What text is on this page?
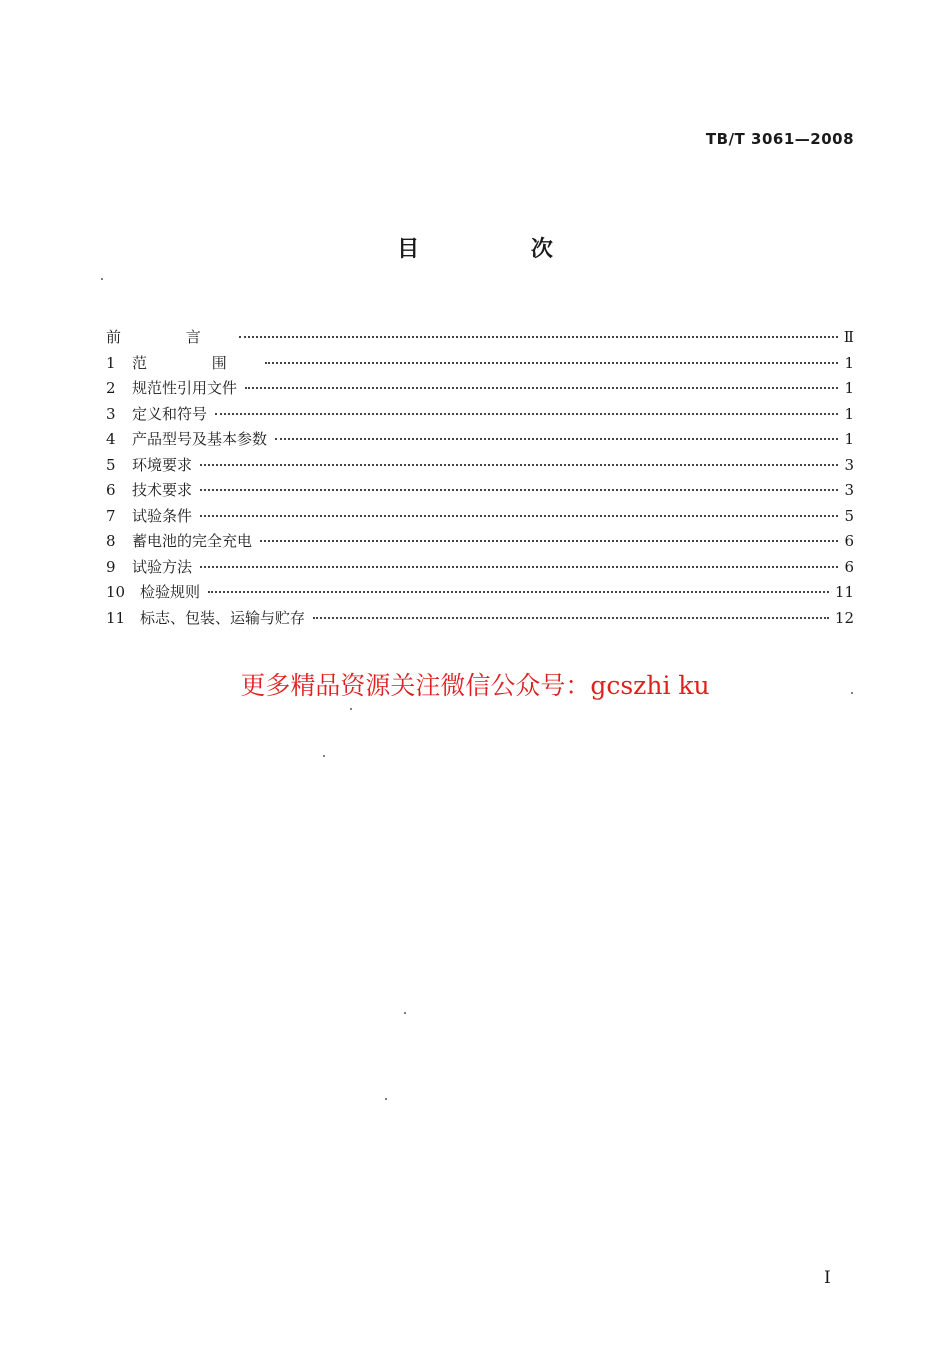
TB/T 3061—2008
目 次
前 言	Ⅱ
1	范 围	1
2	规范性引用文件	1
3	定义和符号	1
4	产品型号及基本参数	1
5	环境要求	3
6	技术要求	3
7	试验条件	5
8	蓄电池的完全充电	6
9	试验方法	6
10 检验规则	11
11 标志、包装、运输与贮存	12
更多精品资源关注微信公众号：gcszhi ku
Ⅰ
